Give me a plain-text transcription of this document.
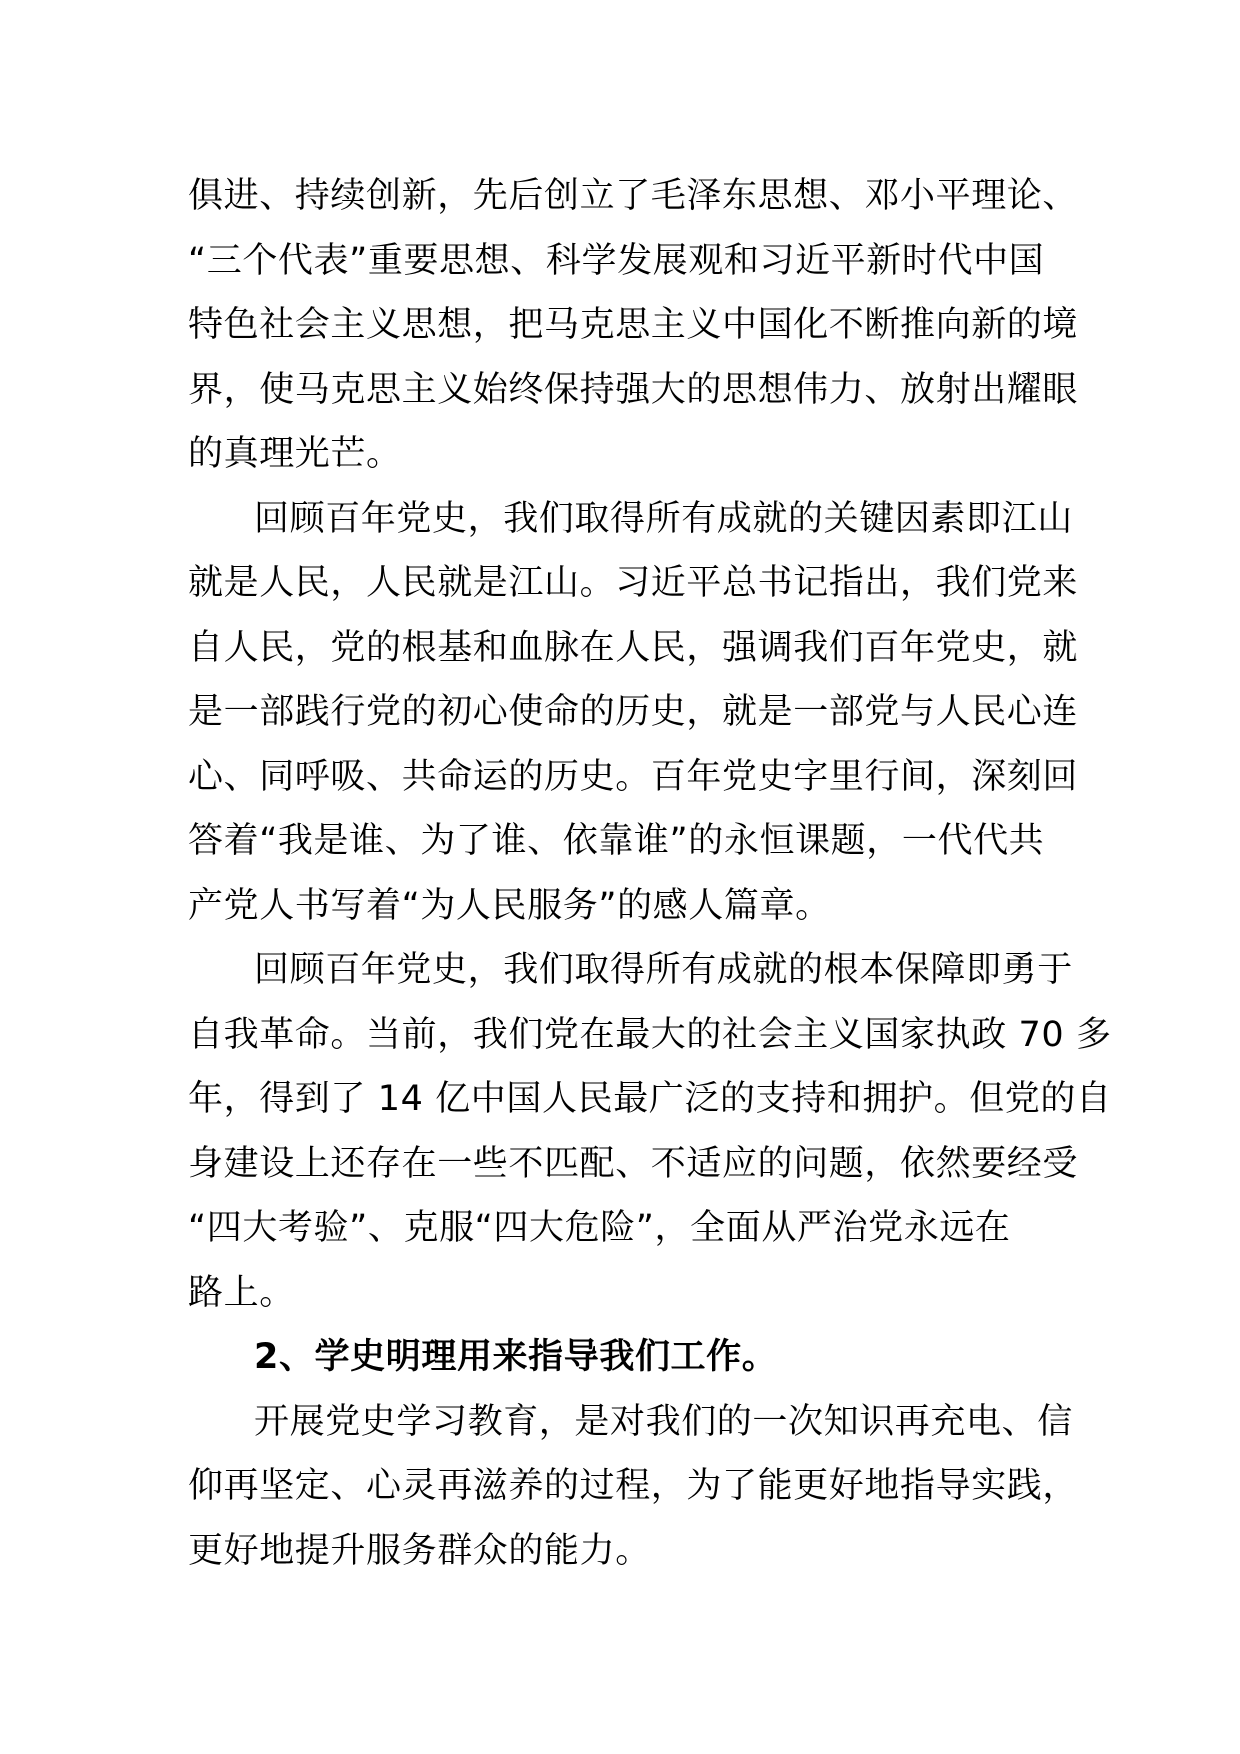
俱进、持续创新，先后创立了毛泽东思想、邓小平理论、
“三个代表”重要思想、科学发展观和习近平新时代中国
特色社会主义思想，把马克思主义中国化不断推向新的境
界，使马克思主义始终保持强大的思想伟力、放射出耀眼
的真理光芒。
回顾百年党史，我们取得所有成就的关键因素即江山
就是人民，人民就是江山。习近平总书记指出，我们党来
自人民，党的根基和血脉在人民，强调我们百年党史，就
是一部践行党的初心使命的历史，就是一部党与人民心连
心、同呼吸、共命运的历史。百年党史字里行间，深刻回
答着“我是谁、为了谁、依靠谁”的永恒课题，一代代共
产党人书写着“为人民服务”的感人篇章。
回顾百年党史，我们取得所有成就的根本保障即勇于
自我革命。当前，我们党在最大的社会主义国家执政 70 多
年，得到了 14 亿中国人民最广泛的支持和拥护。但党的自
身建设上还存在一些不匹配、不适应的问题，依然要经受
“四大考验”、克服“四大危险”，全面从严治党永远在
路上。
2、学史明理用来指导我们工作。
开展党史学习教育，是对我们的一次知识再充电、信
仰再坚定、心灵再滋养的过程，为了能更好地指导实践，
更好地提升服务群众的能力。
